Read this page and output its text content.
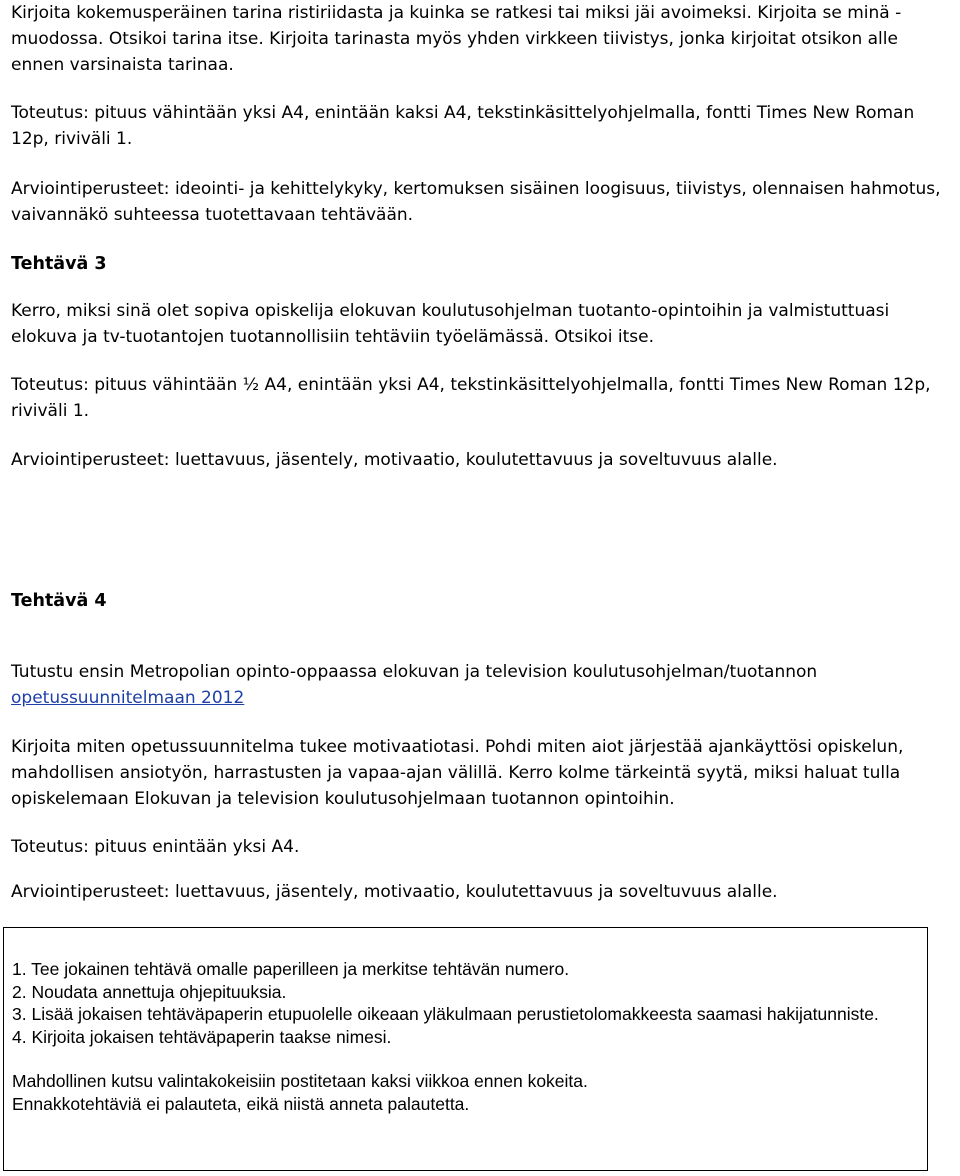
Kirjoita kokemusperäinen tarina ristiriidasta ja kuinka se ratkesi tai miksi jäi avoimeksi. Kirjoita se minä -muodossa. Otsikoi tarina itse. Kirjoita tarinasta myös yhden virkkeen tiivistys, jonka kirjoitat otsikon alle ennen varsinaista tarinaa.

Toteutus: pituus vähintään yksi A4, enintään kaksi A4, tekstinkäsittelyohjelmalla, fontti Times New Roman 12p, riviväli 1.

Arviointiperusteet: ideointi- ja kehittelykyky, kertomuksen sisäinen loogisuus, tiivistys, olennaisen hahmotus, vaivannäkö suhteessa tuotettavaan tehtävään.

Tehtävä 3

Kerro, miksi sinä olet sopiva opiskelija elokuvan koulutusohjelman tuotanto-opintoihin ja valmistuttuasi elokuva ja tv-tuotantojen tuotannollisiin tehtäviin työelämässä. Otsikoi itse.

Toteutus: pituus vähintään ½ A4, enintään yksi A4, tekstinkäsittelyohjelmalla, fontti Times New Roman 12p, riviväli 1.

Arviointiperusteet: luettavuus, jäsentely, motivaatio, koulutettavuus ja soveltuvuus alalle.

Tehtävä 4

Tutustu ensin Metropolian opinto-oppaassa elokuvan ja television koulutusohjelman/tuotannon opetussuunnitelmaan 2012

Kirjoita miten opetussuunnitelma tukee motivaatiotasi. Pohdi miten aiot järjestää ajankäyttösi opiskelun, mahdollisen ansiotyön, harrastusten ja vapaa-ajan välillä. Kerro kolme tärkeintä syytä, miksi haluat tulla opiskelemaan Elokuvan ja television koulutusohjelmaan tuotannon opintoihin.

Toteutus: pituus enintään yksi A4.

Arviointiperusteet: luettavuus, jäsentely, motivaatio, koulutettavuus ja soveltuvuus alalle.

1. Tee jokainen tehtävä omalle paperilleen ja merkitse tehtävän numero.
2. Noudata annettuja ohjepituuksia.
3. Lisää jokaisen tehtäväpaperin etupuolelle oikeaan yläkulmaan perustietolomakkeesta saamasi hakijatunniste.
4. Kirjoita jokaisen tehtäväpaperin taakse nimesi.
Mahdollinen kutsu valintakokeisiin postitetaan kaksi viikkoa ennen kokeita.
Ennakkotehtäviä ei palauteta, eikä niistä anneta palautetta.
